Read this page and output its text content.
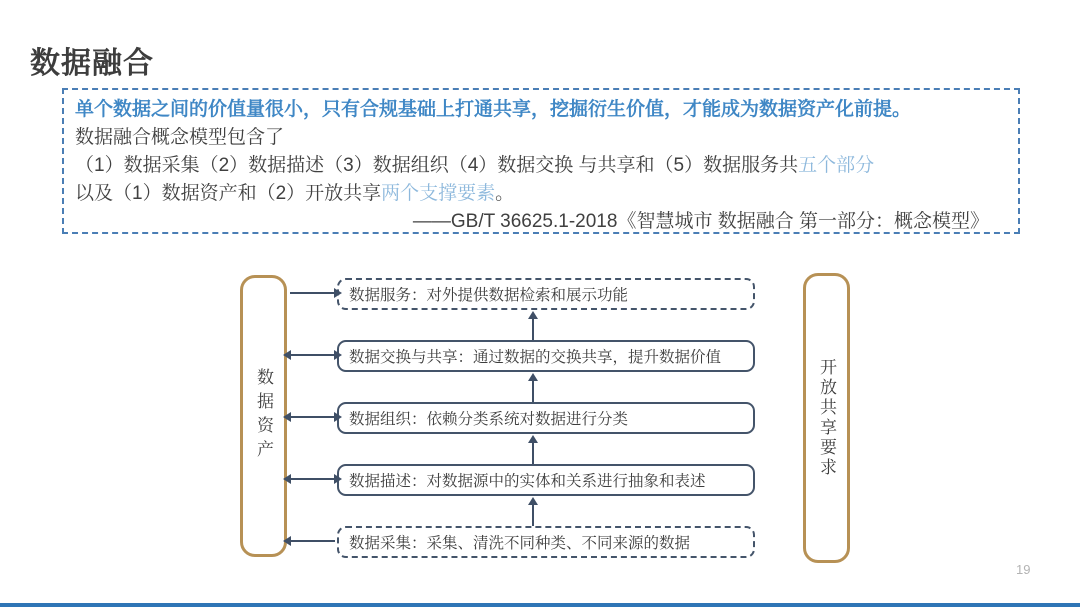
数据融合

单个数据之间的价值量很小，只有合规基础上打通共享，挖掘衍生价值，才能成为数据资产化前提。

数据融合概念模型包含了

（1）数据采集（2）数据描述（3）数据组织（4）数据交换 与共享和（5）数据服务共五个部分

以及（1）数据资产和（2）开放共享两个支撑要素。

——GB/T 36625.1-2018《智慧城市 数据融合 第一部分：概念模型》

数据资产	开放共享要求
数据服务：对外提供数据检索和展示功能
数据交换与共享：通过数据的交换共享，提升数据价值
数据组织：依赖分类系统对数据进行分类
数据描述：对数据源中的实体和关系进行抽象和表述
数据采集：采集、清洗不同种类、不同来源的数据
19
